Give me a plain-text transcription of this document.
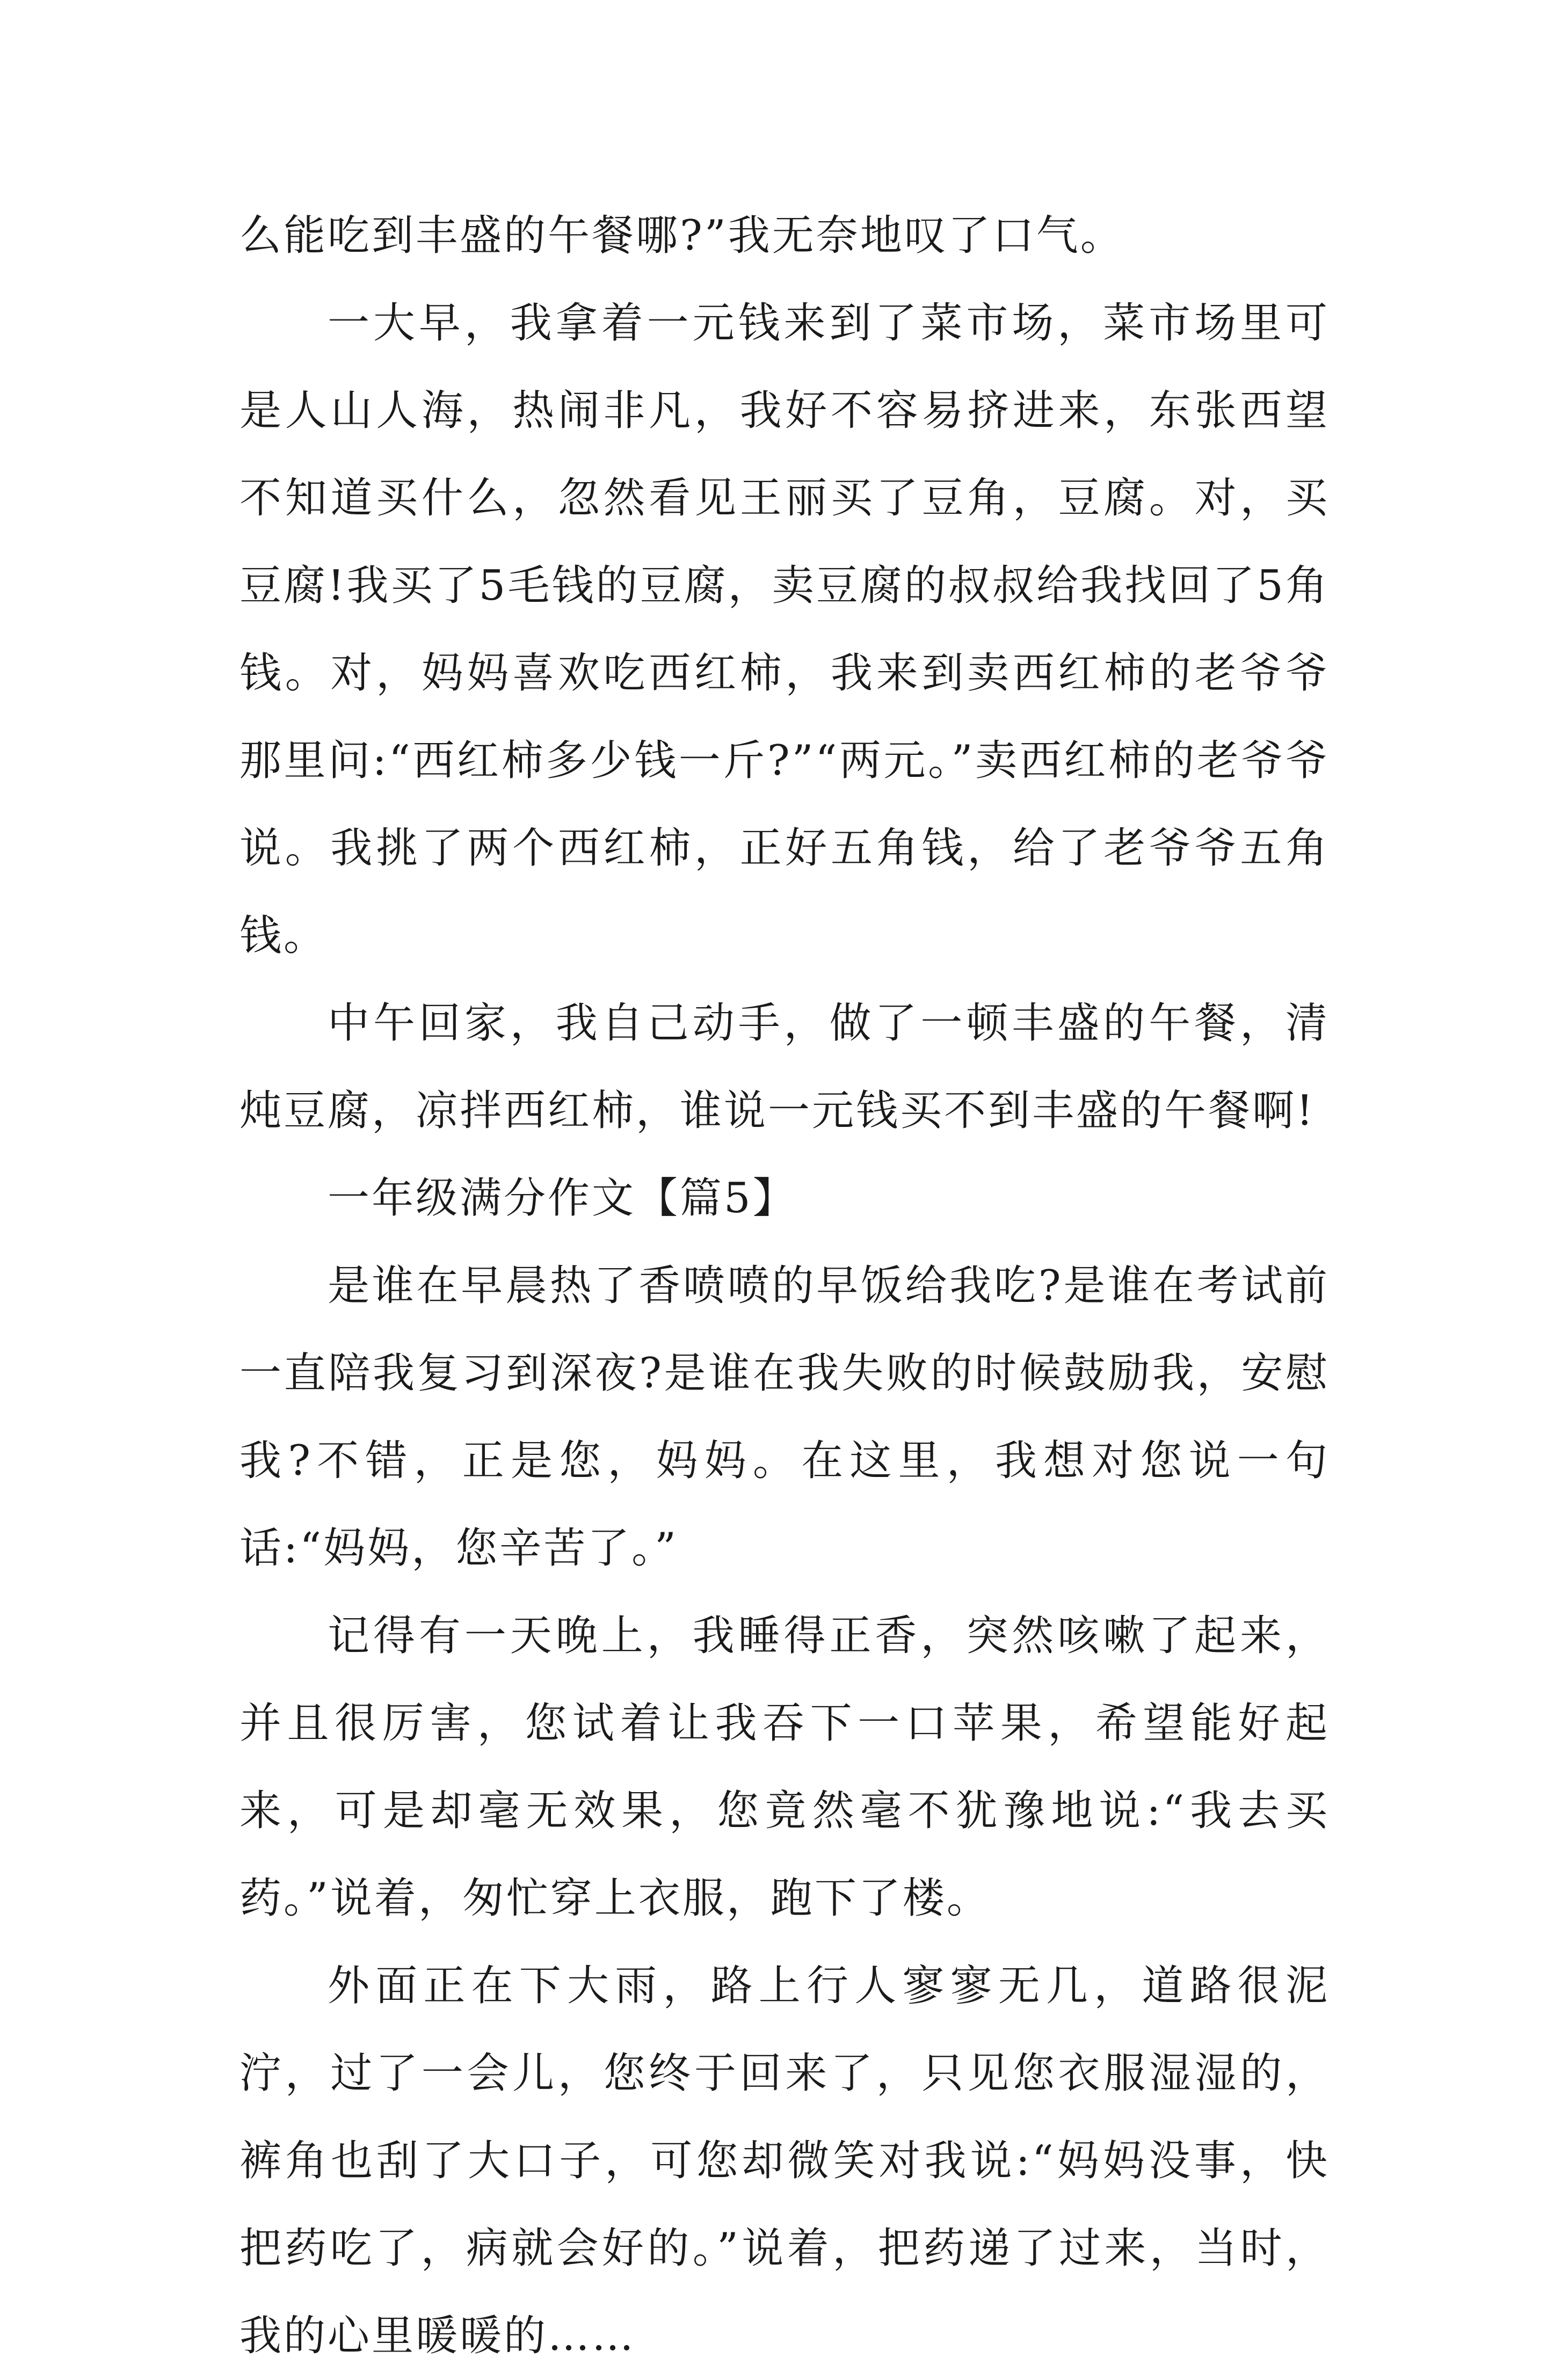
么能吃到丰盛的午餐哪?”我无奈地叹了口气。

一大早，我拿着一元钱来到了菜市场，菜市场里可是人山人海，热闹非凡，我好不容易挤进来，东张西望不知道买什么，忽然看见王丽买了豆角，豆腐。对，买豆腐!我买了5毛钱的豆腐，卖豆腐的叔叔给我找回了5角钱。对，妈妈喜欢吃西红柿，我来到卖西红柿的老爷爷那里问:“西红柿多少钱一斤?”“两元。”卖西红柿的老爷爷说。我挑了两个西红柿，正好五角钱，给了老爷爷五角钱。

中午回家，我自己动手，做了一顿丰盛的午餐，清炖豆腐，凉拌西红柿，谁说一元钱买不到丰盛的午餐啊!

一年级满分作文【篇5】

是谁在早晨热了香喷喷的早饭给我吃?是谁在考试前一直陪我复习到深夜?是谁在我失败的时候鼓励我，安慰我?不错，正是您，妈妈。在这里，我想对您说一句话:“妈妈，您辛苦了。”

记得有一天晚上，我睡得正香，突然咳嗽了起来，并且很厉害，您试着让我吞下一口苹果，希望能好起来，可是却毫无效果，您竟然毫不犹豫地说:“我去买药。”说着，匆忙穿上衣服，跑下了楼。

外面正在下大雨，路上行人寥寥无几，道路很泥泞，过了一会儿，您终于回来了，只见您衣服湿湿的，裤角也刮了大口子，可您却微笑对我说:“妈妈没事，快把药吃了，病就会好的。”说着，把药递了过来，当时，我的心里暖暖的……
